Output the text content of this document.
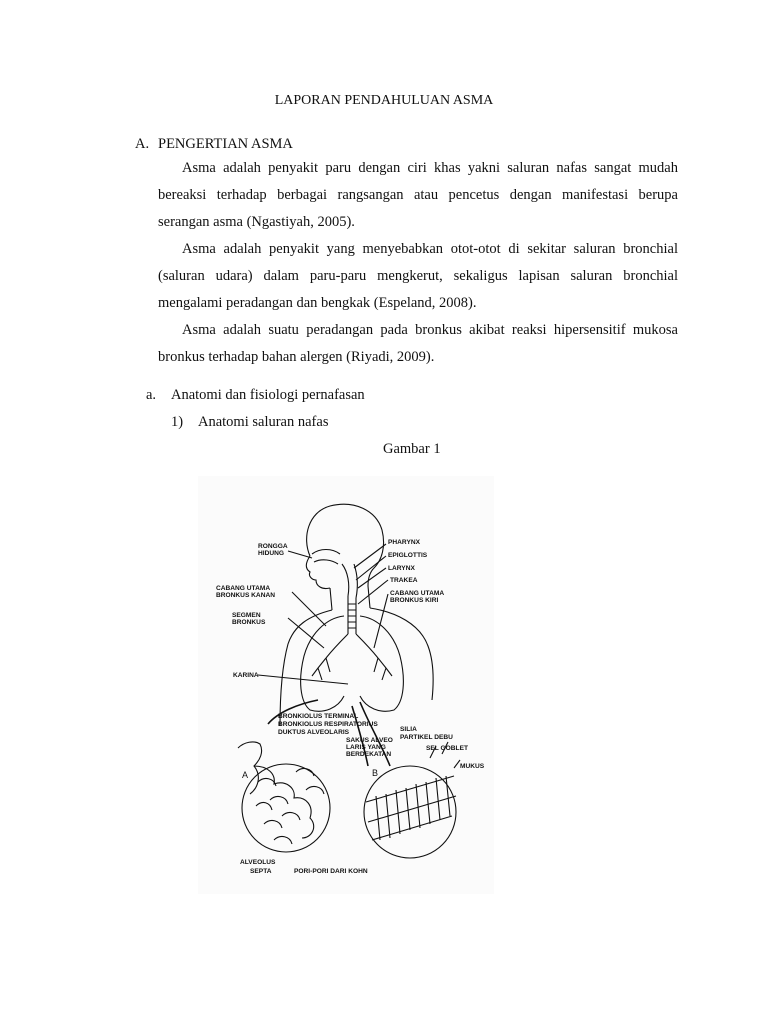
LAPORAN PENDAHULUAN ASMA
A. PENGERTIAN ASMA
Asma adalah penyakit paru dengan ciri khas yakni saluran nafas sangat mudah bereaksi terhadap berbagai rangsangan atau pencetus dengan manifestasi berupa serangan asma (Ngastiyah, 2005).
Asma adalah penyakit yang menyebabkan otot-otot di sekitar saluran bronchial (saluran udara) dalam paru-paru mengkerut, sekaligus lapisan saluran bronchial mengalami peradangan dan bengkak (Espeland, 2008).
Asma adalah suatu peradangan pada bronkus akibat reaksi hipersensitif mukosa bronkus terhadap bahan alergen (Riyadi, 2009).
a. Anatomi dan fisiologi pernafasan
1) Anatomi saluran nafas
Gambar 1
RONGGA
HIDUNG
PHARYNX
EPIGLOTTIS
LARYNX
TRAKEA
CABANG UTAMA
BRONKUS KIRI
CABANG UTAMA
BRONKUS KANAN
SEGMEN
BRONKUS
KARINA
BRONKIOLUS TERMINAL
BRONKIOLUS RESPIRATORIUS
DUKTUS ALVEOLARIS
SAKUS ALVEO
LARIS YANG
BERDEKATAN
SILIA
PARTIKEL DEBU
SEL GOBLET
MUKUS
A	B
ALVEOLUS
SEPTA	PORI-PORI DARI KOHN
